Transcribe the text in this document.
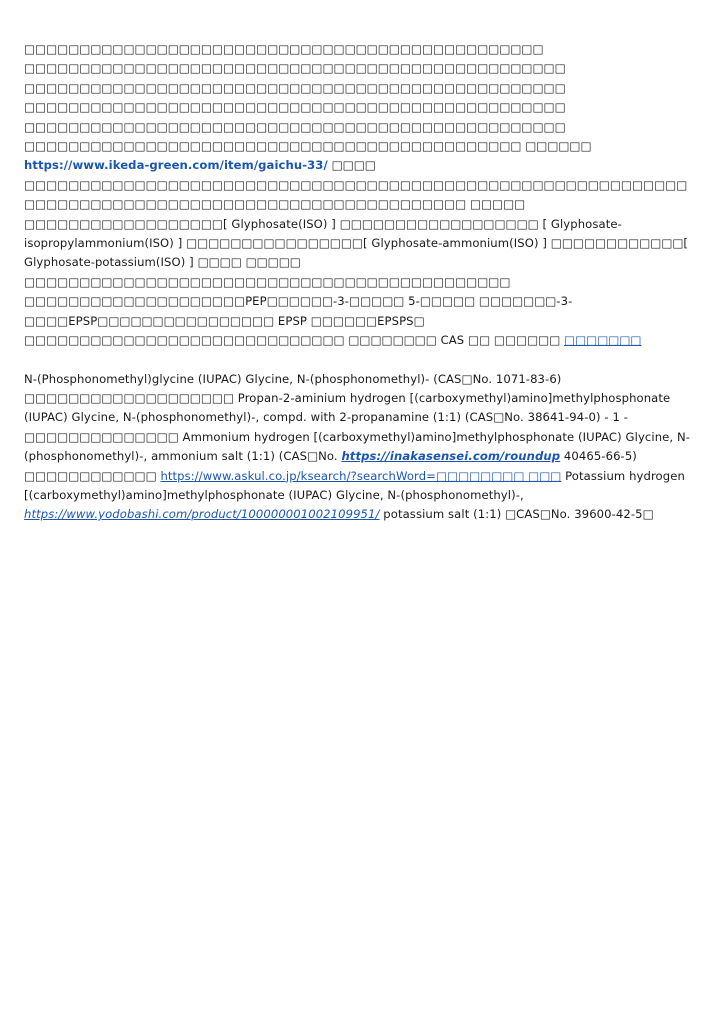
□□□□□□□□□□□□□□□□□□□□□□□□□□□□□□□□□□□□□□□□□□□□□□□ □□□□□□□□□□□□□□□□□□□□□□□□□□□□□□□□□□□□□□□□□□□□□□□□□ □□□□□□□□□□□□□□□□□□□□□□□□□□□□□□□□□□□□□□□□□□□□□□□□□ □□□□□□□□□□□□□□□□□□□□□□□□□□□□□□□□□□□□□□□□□□□□□□□□□ □□□□□□□□□□□□□□□□□□□□□□□□□□□□□□□□□□□□□□□□□□□□□□□□□ □□□□□□□□□□□□□□□□□□□□□□□□□□□□□□□□□□□□□□□□□□□□□ □□□□□□ https://www.ikeda-green.com/item/gaichu-33/ □□□□ □□□□□□□□□□□□□□□□□□□□□□□□□□□□□□□□□□□□□□□□□□□□□□□□□□□□□□□□□□□□□□□□□□□□□□□□□□□□□□□□□□□□□□□□□□□□□□□□□□□□ □□□□□ □□□□□□□□□□□□□□□□□□[ Glyphosate(ISO) ] □□□□□□□□□□□□□□□□□□ [ Glyphosate-isopropylammonium(ISO) ] □□□□□□□□□□□□□□□□[ Glyphosate-ammonium(ISO) ] □□□□□□□□□□□□[ Glyphosate-potassium(ISO) ] □□□□ □□□□□ □□□□□□□□□□□□□□□□□□□□□□□□□□□□□□□□□□□□□□□□□□□□ □□□□□□□□□□□□□□□□□□□□PEP□□□□□□-3-□□□□□ 5-□□□□□ □□□□□□□-3-□□□□EPSP□□□□□□□□□□□□□□□□ EPSP □□□□□□EPSPS□ □□□□□□□□□□□□□□□□□□□□□□□□□□□□□ □□□□□□□□ CAS □□ □□□□□□ □□□□□□□

N-(Phosphonomethyl)glycine (IUPAC) Glycine, N-(phosphonomethyl)- (CAS□No. 1071-83-6) □□□□□□□□□□□□□□□□□□□ Propan-2-aminium hydrogen [(carboxymethyl)amino]methylphosphonate (IUPAC) Glycine, N-(phosphonomethyl)-, compd. with 2-propanamine (1:1) (CAS□No. 38641-94-0) - 1 - □□□□□□□□□□□□□□ Ammonium hydrogen [(carboxymethyl)amino]methylphosphonate (IUPAC) Glycine, N-(phosphonomethyl)-, ammonium salt (1:1) (CAS□No. https://inakasensei.com/roundup 40465-66-5) □□□□□□□□□□□□ https://www.askul.co.jp/ksearch/?searchWord=□□□□□□□□ □□□ Potassium hydrogen [(carboxymethyl)amino]methylphosphonate (IUPAC) Glycine, N-(phosphonomethyl)-, https://www.yodobashi.com/product/100000001002109951/ potassium salt (1:1) □CAS□No. 39600-42-5□
